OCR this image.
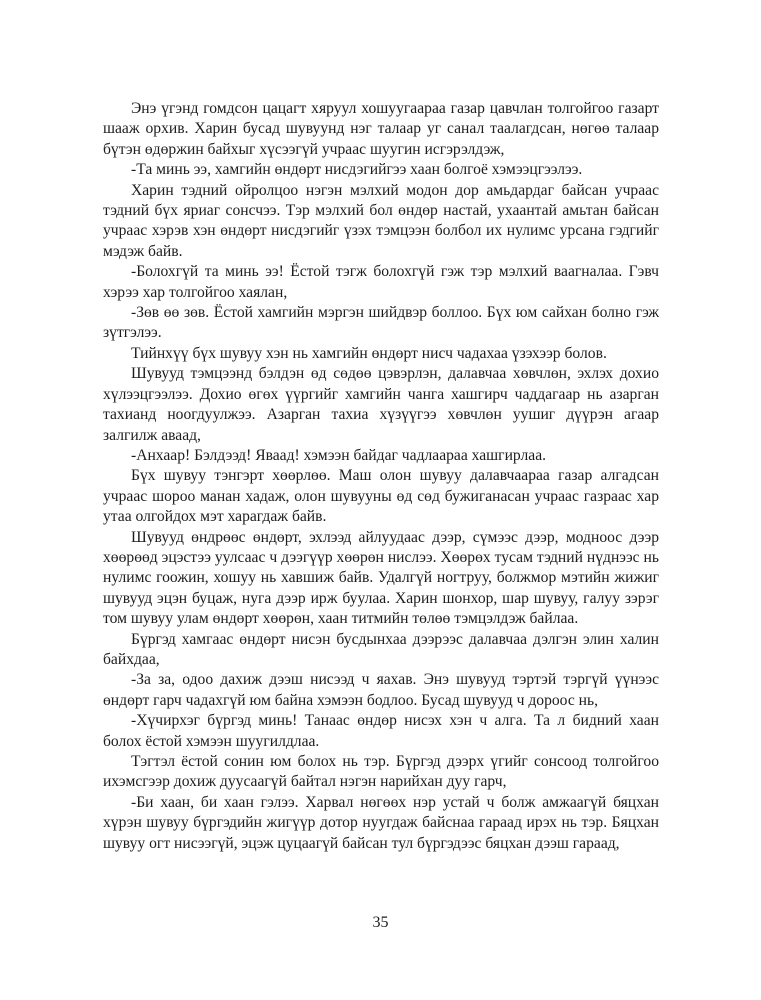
Энэ үгэнд гомдсон цацагт хяруул хошуугаараа газар цавчлан толгойгоо газарт шааж орхив. Харин бусад шувуунд нэг талаар уг санал таалагдсан, нөгөө талаар бүтэн өдөржин байхыг хүсээгүй учраас шуугин исгэрэлдэж,

-Та минь ээ, хамгийн өндөрт нисдэгийгээ хаан болгоё хэмээцгээлээ.

Харин тэдний ойролцоо нэгэн мэлхий модон дор амьдардаг байсан учраас тэдний бүх яриаг сонсчээ. Тэр мэлхий бол өндөр настай, ухаантай амьтан байсан учраас хэрэв хэн өндөрт нисдэгийг үзэх тэмцээн болбол их нулимс урсана гэдгийг мэдэж байв.

-Болохгүй та минь ээ! Ёстой тэгж болохгүй гэж тэр мэлхий ваагналаа. Гэвч хэрээ хар толгойгоо хаялан,

-Зөв өө зөв. Ёстой хамгийн мэргэн шийдвэр боллоо. Бүх юм сайхан болно гэж зүтгэлээ.

Тийнхүү бүх шувуу хэн нь хамгийн өндөрт нисч чадахаа үзэхээр болов.

Шувууд тэмцээнд бэлдэн өд сөдөө цэвэрлэн, далавчаа хөвчлөн, эхлэх дохио хүлээцгээлээ. Дохио өгөх үүргийг хамгийн чанга хашгирч чаддагаар нь азарган тахианд ноогдуулжээ. Азарган тахиа хүзүүгээ хөвчлөн уушиг дүүрэн агаар залгилж аваад,

-Анхаар! Бэлдээд! Яваад! хэмээн байдаг чадлаараа хашгирлаа.

Бүх шувуу тэнгэрт хөөрлөө. Маш олон шувуу далавчаараа газар алгадсан учраас шороо манан хадаж, олон шувууны өд сөд бужиганасан учраас газраас хар утаа олгойдох мэт харагдаж байв.

Шувууд өндрөөс өндөрт, эхлээд айлуудаас дээр, сүмээс дээр, модноос дээр хөөрөөд эцэстээ уулсаас ч дээгүүр хөөрөн нислээ. Хөөрөх тусам тэдний нүднээс нь нулимс гоожин, хошуу нь хавшиж байв. Удалгүй ногтруу, болжмор мэтийн жижиг шувууд эцэн буцаж, нуга дээр ирж буулаа. Харин шонхор, шар шувуу, галуу зэрэг том шувуу улам өндөрт хөөрөн, хаан титмийн төлөө тэмцэлдэж байлаа.

Бүргэд хамгаас өндөрт нисэн бусдынхаа дээрээс далавчаа дэлгэн элин халин байхдаа,

-За за, одоо дахиж дээш нисээд ч яахав. Энэ шувууд тэртэй тэргүй үүнээс өндөрт гарч чадахгүй юм байна хэмээн бодлоо. Бусад шувууд ч дороос нь,

-Хүчирхэг бүргэд минь! Танаас өндөр нисэх хэн ч алга. Та л бидний хаан болох ёстой хэмээн шуугилдлаа.

Тэгтэл ёстой сонин юм болох нь тэр. Бүргэд дээрх үгийг сонсоод толгойгоо ихэмсгээр дохиж дуусаагүй байтал нэгэн нарийхан дуу гарч,

-Би хаан, би хаан гэлээ. Харвал нөгөөх нэр устай ч болж амжаагүй бяцхан хүрэн шувуу бүргэдийн жигүүр дотор нуугдаж байснаа гараад ирэх нь тэр. Бяцхан шувуу огт нисээгүй, эцэж цуцаагүй байсан тул бүргэдээс бяцхан дээш гараад,

35
